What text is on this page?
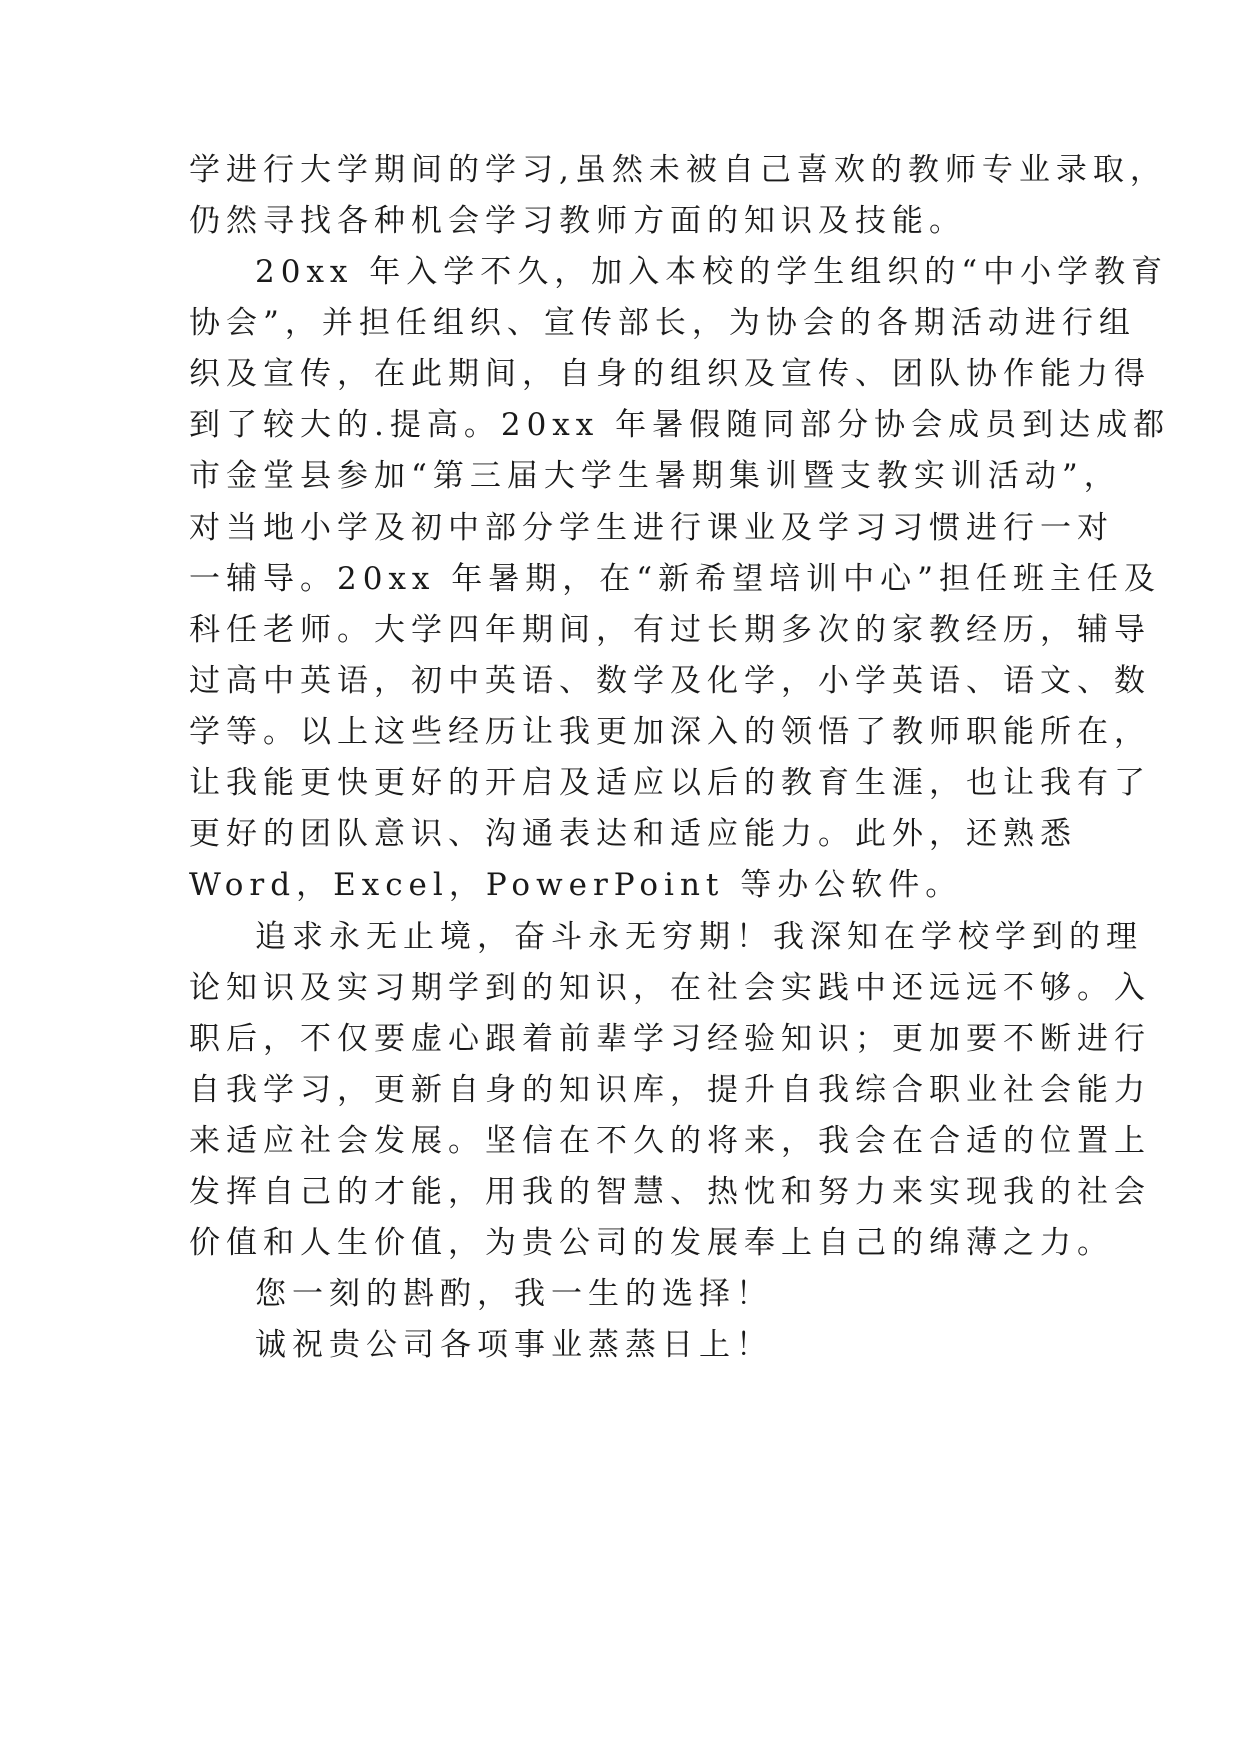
学进行大学期间的学习,虽然未被自己喜欢的教师专业录取，
仍然寻找各种机会学习教师方面的知识及技能。
20xx 年入学不久，加入本校的学生组织的“中小学教育
协会”，并担任组织、宣传部长，为协会的各期活动进行组
织及宣传，在此期间，自身的组织及宣传、团队协作能力得
到了较大的.提高。20xx 年暑假随同部分协会成员到达成都
市金堂县参加“第三届大学生暑期集训暨支教实训活动”，
对当地小学及初中部分学生进行课业及学习习惯进行一对
一辅导。20xx 年暑期，在“新希望培训中心”担任班主任及
科任老师。大学四年期间，有过长期多次的家教经历，辅导
过高中英语，初中英语、数学及化学，小学英语、语文、数
学等。以上这些经历让我更加深入的领悟了教师职能所在，
让我能更快更好的开启及适应以后的教育生涯，也让我有了
更好的团队意识、沟通表达和适应能力。此外，还熟悉
Word，Excel，PowerPoint 等办公软件。
追求永无止境，奋斗永无穷期！我深知在学校学到的理
论知识及实习期学到的知识，在社会实践中还远远不够。入
职后，不仅要虚心跟着前辈学习经验知识；更加要不断进行
自我学习，更新自身的知识库，提升自我综合职业社会能力
来适应社会发展。坚信在不久的将来，我会在合适的位置上
发挥自己的才能，用我的智慧、热忱和努力来实现我的社会
价值和人生价值，为贵公司的发展奉上自己的绵薄之力。
您一刻的斟酌，我一生的选择！
诚祝贵公司各项事业蒸蒸日上！
